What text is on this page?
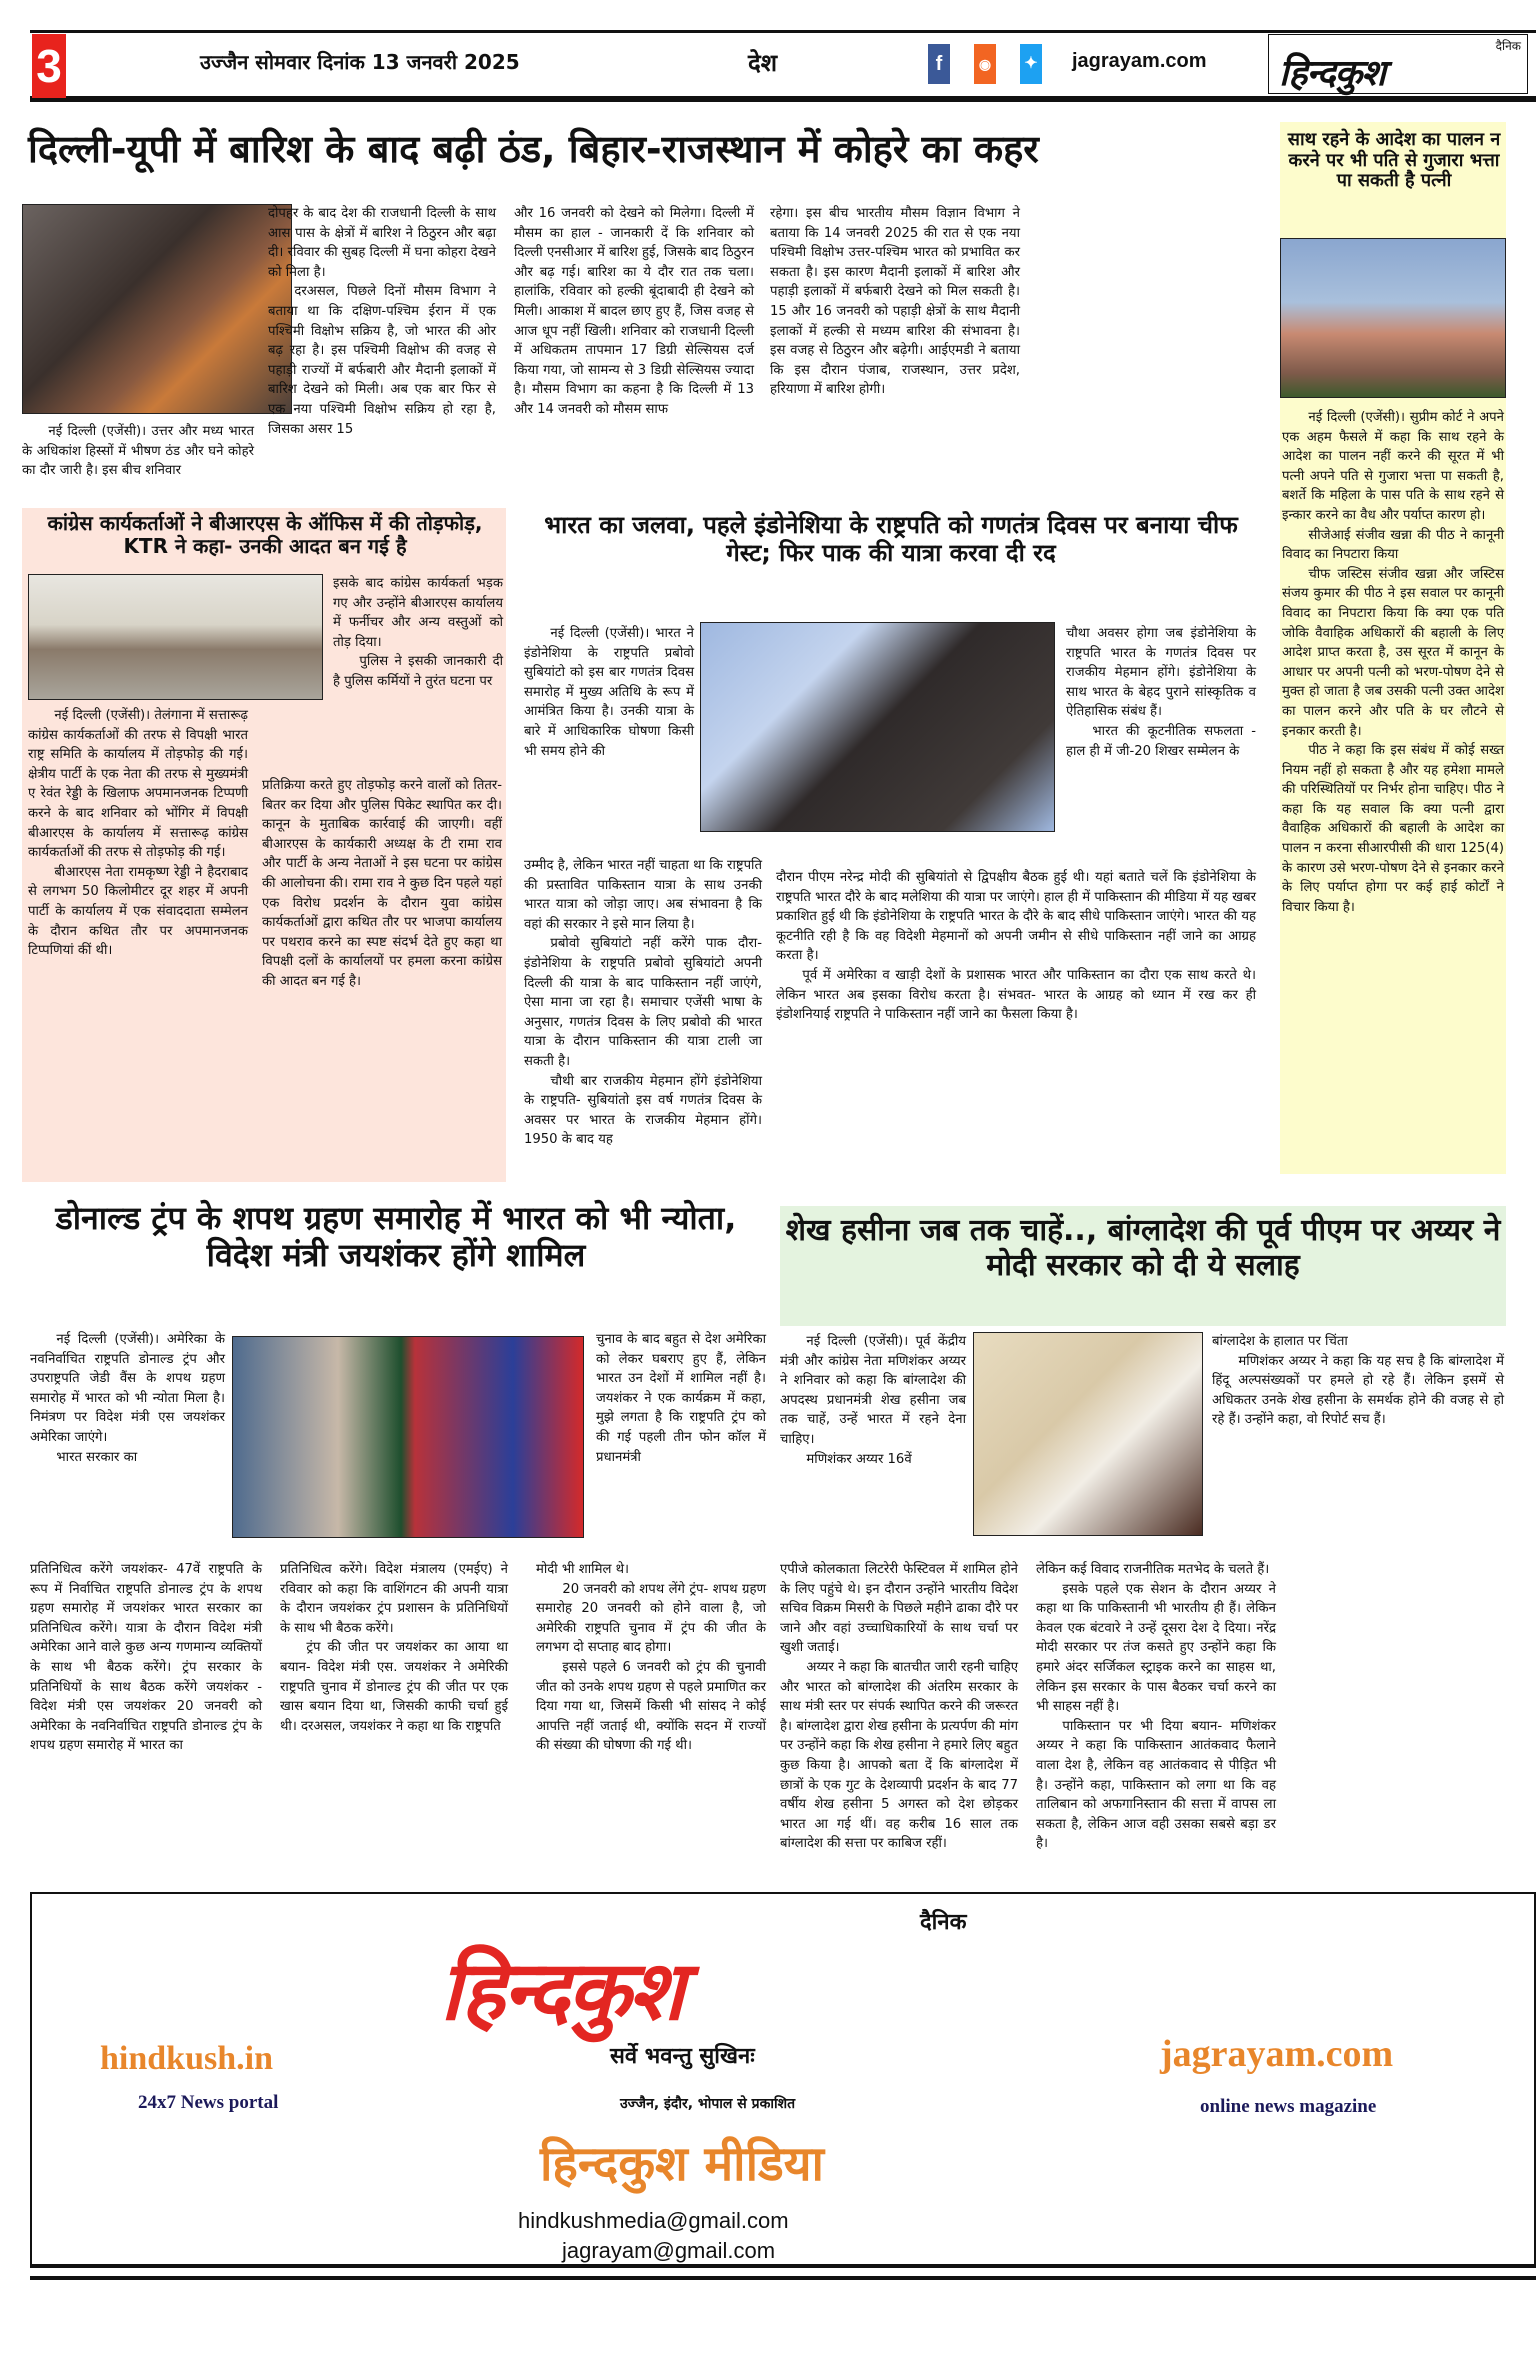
3	उज्जैन सोमवार दिनांक 13 जनवरी 2025	देश	f	◉	✦ jagrayam.com
दैनिक
हिन्दकुश
दिल्ली-यूपी में बारिश के बाद बढ़ी ठंड, बिहार-राजस्थान में कोहरे का कहर

नई दिल्ली (एजेंसी)। उत्तर और मध्य भारत के अधिकांश हिस्सों में भीषण ठंड और घने कोहरे का दौर जारी है। इस बीच शनिवार

दोपहर के बाद देश की राजधानी दिल्ली के साथ आस पास के क्षेत्रों में बारिश ने ठिठुरन और बढ़ा दी। रविवार की सुबह दिल्ली में घना कोहरा देखने को मिला है।

दरअसल, पिछले दिनों मौसम विभाग ने बताया था कि दक्षिण-पश्चिम ईरान में एक पश्चिमी विक्षोभ सक्रिय है, जो भारत की ओर बढ़ रहा है। इस पश्चिमी विक्षोभ की वजह से पहाड़ी राज्यों में बर्फबारी और मैदानी इलाकों में बारिश देखने को मिली। अब एक बार फिर से एक नया पश्चिमी विक्षोभ सक्रिय हो रहा है, जिसका असर 15

और 16 जनवरी को देखने को मिलेगा। दिल्ली में मौसम का हाल - जानकारी दें कि शनिवार को दिल्ली एनसीआर में बारिश हुई, जिसके बाद ठिठुरन और बढ़ गई। बारिश का ये दौर रात तक चला। हालांकि, रविवार को हल्की बूंदाबादी ही देखने को मिली। आकाश में बादल छाए हुए हैं, जिस वजह से आज धूप नहीं खिली। शनिवार को राजधानी दिल्ली में अधिकतम तापमान 17 डिग्री सेल्सियस दर्ज किया गया, जो सामन्य से 3 डिग्री सेल्सियस ज्यादा है। मौसम विभाग का कहना है कि दिल्ली में 13 और 14 जनवरी को मौसम साफ

रहेगा। इस बीच भारतीय मौसम विज्ञान विभाग ने बताया कि 14 जनवरी 2025 की रात से एक नया पश्चिमी विक्षोभ उत्तर-पश्चिम भारत को प्रभावित कर सकता है। इस कारण मैदानी इलाकों में बारिश और पहाड़ी इलाकों में बर्फबारी देखने को मिल सकती है। 15 और 16 जनवरी को पहाड़ी क्षेत्रों के साथ मैदानी इलाकों में हल्की से मध्यम बारिश की संभावना है। इस वजह से ठिठुरन और बढ़ेगी। आईएमडी ने बताया कि इस दौरान पंजाब, राजस्थान, उत्तर प्रदेश, हरियाणा में बारिश होगी।

साथ रहने के आदेश का पालन न करने पर भी पति से गुजारा भत्ता पा सकती है पत्नी

नई दिल्ली (एजेंसी)। सुप्रीम कोर्ट ने अपने एक अहम फैसले में कहा कि साथ रहने के आदेश का पालन नहीं करने की सूरत में भी पत्नी अपने पति से गुजारा भत्ता पा सकती है, बशर्ते कि महिला के पास पति के साथ रहने से इन्कार करने का वैध और पर्याप्त कारण हो।

सीजेआई संजीव खन्ना की पीठ ने कानूनी विवाद का निपटारा किया

चीफ जस्टिस संजीव खन्ना और जस्टिस संजय कुमार की पीठ ने इस सवाल पर कानूनी विवाद का निपटारा किया कि क्या एक पति जोकि वैवाहिक अधिकारों की बहाली के लिए आदेश प्राप्त करता है, उस सूरत में कानून के आधार पर अपनी पत्नी को भरण-पोषण देने से मुक्त हो जाता है जब उसकी पत्नी उक्त आदेश का पालन करने और पति के घर लौटने से इनकार करती है।

पीठ ने कहा कि इस संबंध में कोई सख्त नियम नहीं हो सकता है और यह हमेशा मामले की परिस्थितियों पर निर्भर होना चाहिए। पीठ ने कहा कि यह सवाल कि क्या पत्नी द्वारा वैवाहिक अधिकारों की बहाली के आदेश का पालन न करना सीआरपीसी की धारा 125(4) के कारण उसे भरण-पोषण देने से इनकार करने के लिए पर्याप्त होगा पर कई हाई कोर्टों ने विचार किया है।

कांग्रेस कार्यकर्ताओं ने बीआरएस के ऑफिस में की तोड़फोड़, KTR ने कहा- उनकी आदत बन गई है

इसके बाद कांग्रेस कार्यकर्ता भड़क गए और उन्होंने बीआरएस कार्यालय में फर्नीचर और अन्य वस्तुओं को तोड़ दिया।

पुलिस ने इसकी जानकारी दी है पुलिस कर्मियों ने तुरंत घटना पर

नई दिल्ली (एजेंसी)। तेलंगाना में सत्तारूढ़ कांग्रेस कार्यकर्ताओं की तरफ से विपक्षी भारत राष्ट्र समिति के कार्यालय में तोड़फोड़ की गई। क्षेत्रीय पार्टी के एक नेता की तरफ से मुख्यमंत्री ए रेवंत रेड्डी के खिलाफ अपमानजनक टिप्पणी करने के बाद शनिवार को भोंगिर में विपक्षी बीआरएस के कार्यालय में सत्तारूढ़ कांग्रेस कार्यकर्ताओं की तरफ से तोड़फोड़ की गई।

बीआरएस नेता रामकृष्ण रेड्डी ने हैदराबाद से लगभग 50 किलोमीटर दूर शहर में अपनी पार्टी के कार्यालय में एक संवाददाता सम्मेलन के दौरान कथित तौर पर अपमानजनक टिप्पणियां कीं थी।

प्रतिक्रिया करते हुए तोड़फोड़ करने वालों को तितर-बितर कर दिया और पुलिस पिकेट स्थापित कर दी। कानून के मुताबिक कार्रवाई की जाएगी। वहीं बीआरएस के कार्यकारी अध्यक्ष के टी रामा राव और पार्टी के अन्य नेताओं ने इस घटना पर कांग्रेस की आलोचना की। रामा राव ने कुछ दिन पहले यहां एक विरोध प्रदर्शन के दौरान युवा कांग्रेस कार्यकर्ताओं द्वारा कथित तौर पर भाजपा कार्यालय पर पथराव करने का स्पष्ट संदर्भ देते हुए कहा था विपक्षी दलों के कार्यालयों पर हमला करना कांग्रेस की आदत बन गई है।

भारत का जलवा, पहले इंडोनेशिया के राष्ट्रपति को गणतंत्र दिवस पर बनाया चीफ गेस्ट; फिर पाक की यात्रा करवा दी रद

नई दिल्ली (एजेंसी)। भारत ने इंडोनेशिया के राष्ट्रपति प्रबोवो सुबियांटो को इस बार गणतंत्र दिवस समारोह में मुख्य अतिथि के रूप में आमंत्रित किया है। उनकी यात्रा के बारे में आधिकारिक घोषणा किसी भी समय होने की

उम्मीद है, लेकिन भारत नहीं चाहता था कि राष्ट्रपति की प्रस्तावित पाकिस्तान यात्रा के साथ उनकी भारत यात्रा को जोड़ा जाए। अब संभावना है कि वहां की सरकार ने इसे मान लिया है।

प्रबोवो सुबियांटो नहीं करेंगे पाक दौरा- इंडोनेशिया के राष्ट्रपति प्रबोवो सुबियांटो अपनी दिल्ली की यात्रा के बाद पाकिस्तान नहीं जाएंगे, ऐसा माना जा रहा है। समाचार एजेंसी भाषा के अनुसार, गणतंत्र दिवस के लिए प्रबोवो की भारत यात्रा के दौरान पाकिस्तान की यात्रा टाली जा सकती है।

चौथी बार राजकीय मेहमान होंगे इंडोनेशिया के राष्ट्रपति- सुबियांतो इस वर्ष गणतंत्र दिवस के अवसर पर भारत के राजकीय मेहमान होंगे। 1950 के बाद यह

चौथा अवसर होगा जब इंडोनेशिया के राष्ट्रपति भारत के गणतंत्र दिवस पर राजकीय मेहमान होंगे। इंडोनेशिया के साथ भारत के बेहद पुराने सांस्कृतिक व ऐतिहासिक संबंध हैं।

भारत की कूटनीतिक सफलता - हाल ही में जी-20 शिखर सम्मेलन के

दौरान पीएम नरेन्द्र मोदी की सुबियांतो से द्विपक्षीय बैठक हुई थी। यहां बताते चलें कि इंडोनेशिया के राष्ट्रपति भारत दौरे के बाद मलेशिया की यात्रा पर जाएंगे। हाल ही में पाकिस्तान की मीडिया में यह खबर प्रकाशित हुई थी कि इंडोनेशिया के राष्ट्रपति भारत के दौरे के बाद सीधे पाकिस्तान जाएंगे। भारत की यह कूटनीति रही है कि वह विदेशी मेहमानों को अपनी जमीन से सीधे पाकिस्तान नहीं जाने का आग्रह करता है।

पूर्व में अमेरिका व खाड़ी देशों के प्रशासक भारत और पाकिस्तान का दौरा एक साथ करते थे। लेकिन भारत अब इसका विरोध करता है। संभवत- भारत के आग्रह को ध्यान में रख कर ही इंडोशनियाई राष्ट्रपति ने पाकिस्तान नहीं जाने का फैसला किया है।

डोनाल्ड ट्रंप के शपथ ग्रहण समारोह में भारत को भी न्योता, विदेश मंत्री जयशंकर होंगे शामिल

नई दिल्ली (एजेंसी)। अमेरिका के नवनिर्वाचित राष्ट्रपति डोनाल्ड ट्रंप और उपराष्ट्रपति जेडी वैंस के शपथ ग्रहण समारोह में भारत को भी न्योता मिला है। निमंत्रण पर विदेश मंत्री एस जयशंकर अमेरिका जाएंगे।

भारत सरकार का

प्रतिनिधित्व करेंगे जयशंकर- 47वें राष्ट्रपति के रूप में निर्वाचित राष्ट्रपति डोनाल्ड ट्रंप के शपथ ग्रहण समारोह में जयशंकर भारत सरकार का प्रतिनिधित्व करेंगे। यात्रा के दौरान विदेश मंत्री अमेरिका आने वाले कुछ अन्य गणमान्य व्यक्तियों के साथ भी बैठक करेंगे। ट्रंप सरकार के प्रतिनिधियों के साथ बैठक करेंगे जयशंकर - विदेश मंत्री एस जयशंकर 20 जनवरी को अमेरिका के नवनिर्वाचित राष्ट्रपति डोनाल्ड ट्रंप के शपथ ग्रहण समारोह में भारत का

प्रतिनिधित्व करेंगे। विदेश मंत्रालय (एमईए) ने रविवार को कहा कि वाशिंगटन की अपनी यात्रा के दौरान जयशंकर ट्रंप प्रशासन के प्रतिनिधियों के साथ भी बैठक करेंगे।

ट्रंप की जीत पर जयशंकर का आया था बयान- विदेश मंत्री एस. जयशंकर ने अमेरिकी राष्ट्रपति चुनाव में डोनाल्ड ट्रंप की जीत पर एक खास बयान दिया था, जिसकी काफी चर्चा हुई थी। दरअसल, जयशंकर ने कहा था कि राष्ट्रपति

चुनाव के बाद बहुत से देश अमेरिका को लेकर घबराए हुए हैं, लेकिन भारत उन देशों में शामिल नहीं है। जयशंकर ने एक कार्यक्रम में कहा, मुझे लगता है कि राष्ट्रपति ट्रंप को की गई पहली तीन फोन कॉल में प्रधानमंत्री

मोदी भी शामिल थे।

20 जनवरी को शपथ लेंगे ट्रंप- शपथ ग्रहण समारोह 20 जनवरी को होने वाला है, जो अमेरिकी राष्ट्रपति चुनाव में ट्रंप की जीत के लगभग दो सप्ताह बाद होगा।

इससे पहले 6 जनवरी को ट्रंप की चुनावी जीत को उनके शपथ ग्रहण से पहले प्रमाणित कर दिया गया था, जिसमें किसी भी सांसद ने कोई आपत्ति नहीं जताई थी, क्योंकि सदन में राज्यों की संख्या की घोषणा की गई थी।

शेख हसीना जब तक चाहें.., बांग्लादेश की पूर्व पीएम पर अय्यर ने मोदी सरकार को दी ये सलाह

नई दिल्ली (एजेंसी)। पूर्व केंद्रीय मंत्री और कांग्रेस नेता मणिशंकर अय्यर ने शनिवार को कहा कि बांग्लादेश की अपदस्थ प्रधानमंत्री शेख हसीना जब तक चाहें, उन्हें भारत में रहने देना चाहिए।

मणिशंकर अय्यर 16वें

एपीजे कोलकाता लिटरेरी फेस्टिवल में शामिल होने के लिए पहुंचे थे। इन दौरान उन्होंने भारतीय विदेश सचिव विक्रम मिसरी के पिछले महीने ढाका दौरे पर जाने और वहां उच्चाधिकारियों के साथ चर्चा पर खुशी जताई।

अय्यर ने कहा कि बातचीत जारी रहनी चाहिए और भारत को बांग्लादेश की अंतरिम सरकार के साथ मंत्री स्तर पर संपर्क स्थापित करने की जरूरत है। बांग्लादेश द्वारा शेख हसीना के प्रत्यर्पण की मांग पर उन्होंने कहा कि शेख हसीना ने हमारे लिए बहुत कुछ किया है। आपको बता दें कि बांग्लादेश में छात्रों के एक गुट के देशव्यापी प्रदर्शन के बाद 77 वर्षीय शेख हसीना 5 अगस्त को देश छोड़कर भारत आ गई थीं। वह करीब 16 साल तक बांग्लादेश की सत्ता पर काबिज रहीं।

बांग्लादेश के हालात पर चिंता

मणिशंकर अय्यर ने कहा कि यह सच है कि बांग्लादेश में हिंदू अल्पसंख्यकों पर हमले हो रहे हैं। लेकिन इसमें से अधिकतर उनके शेख हसीना के समर्थक होने की वजह से हो रहे हैं। उन्होंने कहा, वो रिपोर्ट सच हैं।

लेकिन कई विवाद राजनीतिक मतभेद के चलते हैं।

इसके पहले एक सेशन के दौरान अय्यर ने कहा था कि पाकिस्तानी भी भारतीय ही हैं। लेकिन केवल एक बंटवारे ने उन्हें दूसरा देश दे दिया। नरेंद्र मोदी सरकार पर तंज कसते हुए उन्होंने कहा कि हमारे अंदर सर्जिकल स्ट्राइक करने का साहस था, लेकिन इस सरकार के पास बैठकर चर्चा करने का भी साहस नहीं है।

पाकिस्तान पर भी दिया बयान- मणिशंकर अय्यर ने कहा कि पाकिस्तान आतंकवाद फैलाने वाला देश है, लेकिन वह आतंकवाद से पीड़ित भी है। उन्होंने कहा, पाकिस्तान को लगा था कि वह तालिबान को अफगानिस्तान की सत्ता में वापस ला सकता है, लेकिन आज वही उसका सबसे बड़ा डर है।

दैनिक
हिन्दकुश
सर्वे भवन्तु सुखिनः
उज्जैन, इंदौर, भोपाल से प्रकाशित
हिन्दकुश मीडिया
hindkushmedia@gmail.com
jagrayam@gmail.com
hindkush.in
24x7 News portal
jagrayam.com
online news magazine
